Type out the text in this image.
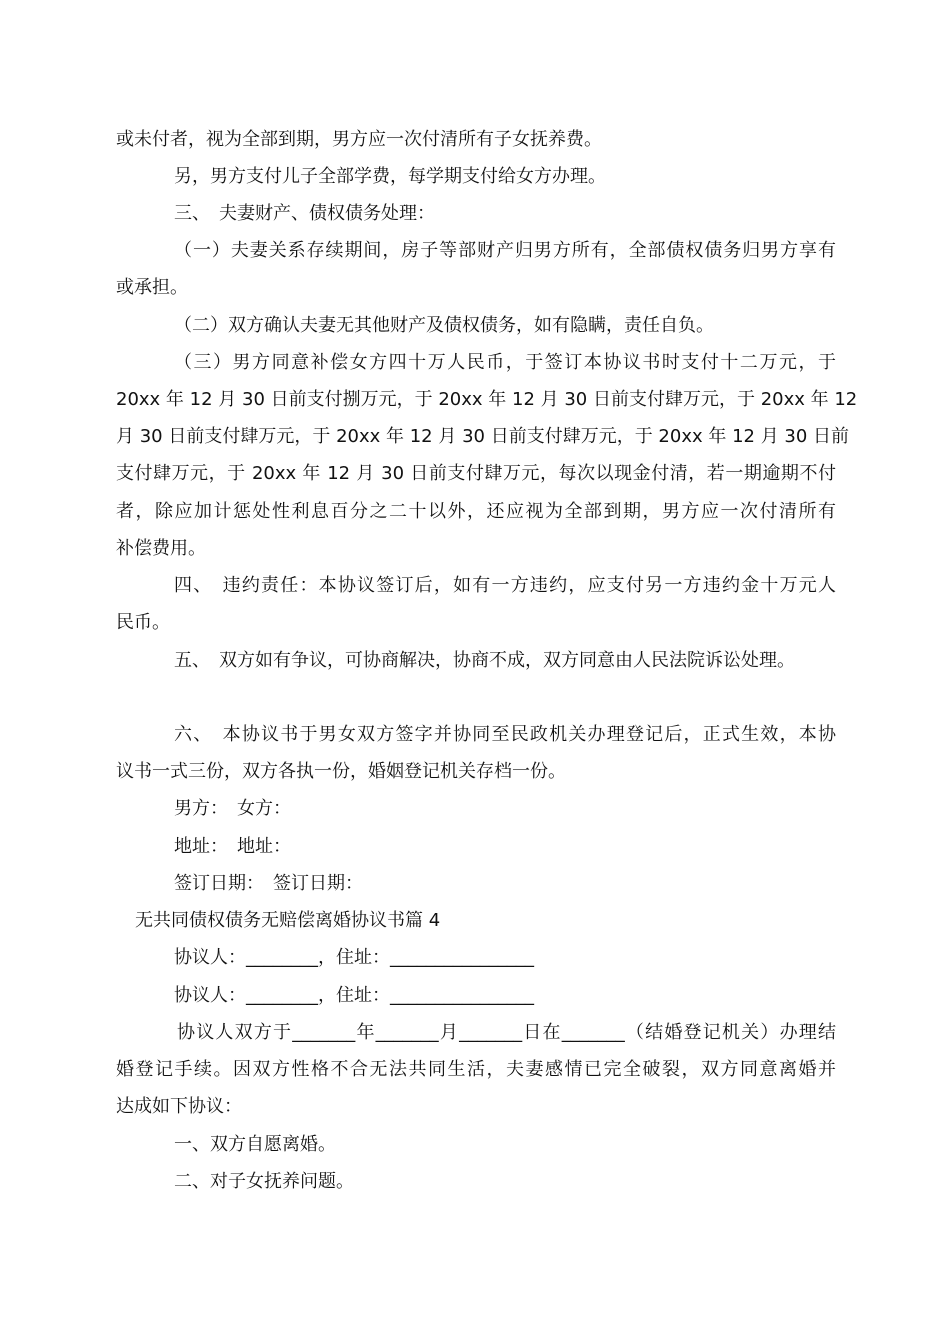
或未付者，视为全部到期，男方应一次付清所有子女抚养费。
另，男方支付儿子全部学费，每学期支付给女方办理。
三、　夫妻财产、债权债务处理：
（一）夫妻关系存续期间，房子等部财产归男方所有，全部债权债务归男方享有
或承担。
（二）双方确认夫妻无其他财产及债权债务，如有隐瞒，责任自负。
（三）男方同意补偿女方四十万人民币，于签订本协议书时支付十二万元，于
20xx 年 12 月 30 日前支付捌万元，于 20xx 年 12 月 30 日前支付肆万元，于 20xx 年 12
月 30 日前支付肆万元，于 20xx 年 12 月 30 日前支付肆万元，于 20xx 年 12 月 30 日前
支付肆万元，于 20xx 年 12 月 30 日前支付肆万元，每次以现金付清，若一期逾期不付
者，除应加计惩处性利息百分之二十以外，还应视为全部到期，男方应一次付清所有
补偿费用。
四、　违约责任：本协议签订后，如有一方违约，应支付另一方违约金十万元人
民币。
五、　双方如有争议，可协商解决，协商不成，双方同意由人民法院诉讼处理。
六、　本协议书于男女双方签字并协同至民政机关办理登记后，正式生效，本协
议书一式三份，双方各执一份，婚姻登记机关存档一份。
男方：　女方：
地址：　地址：
签订日期：　签订日期：
无共同债权债务无赔偿离婚协议书篇 4
协议人：________，住址：________________
协议人：________，住址：________________
协议人双方于_______年_______月_______日在_______（结婚登记机关）办理结
婚登记手续。因双方性格不合无法共同生活，夫妻感情已完全破裂，双方同意离婚并
达成如下协议：
一、双方自愿离婚。
二、对子女抚养问题。
